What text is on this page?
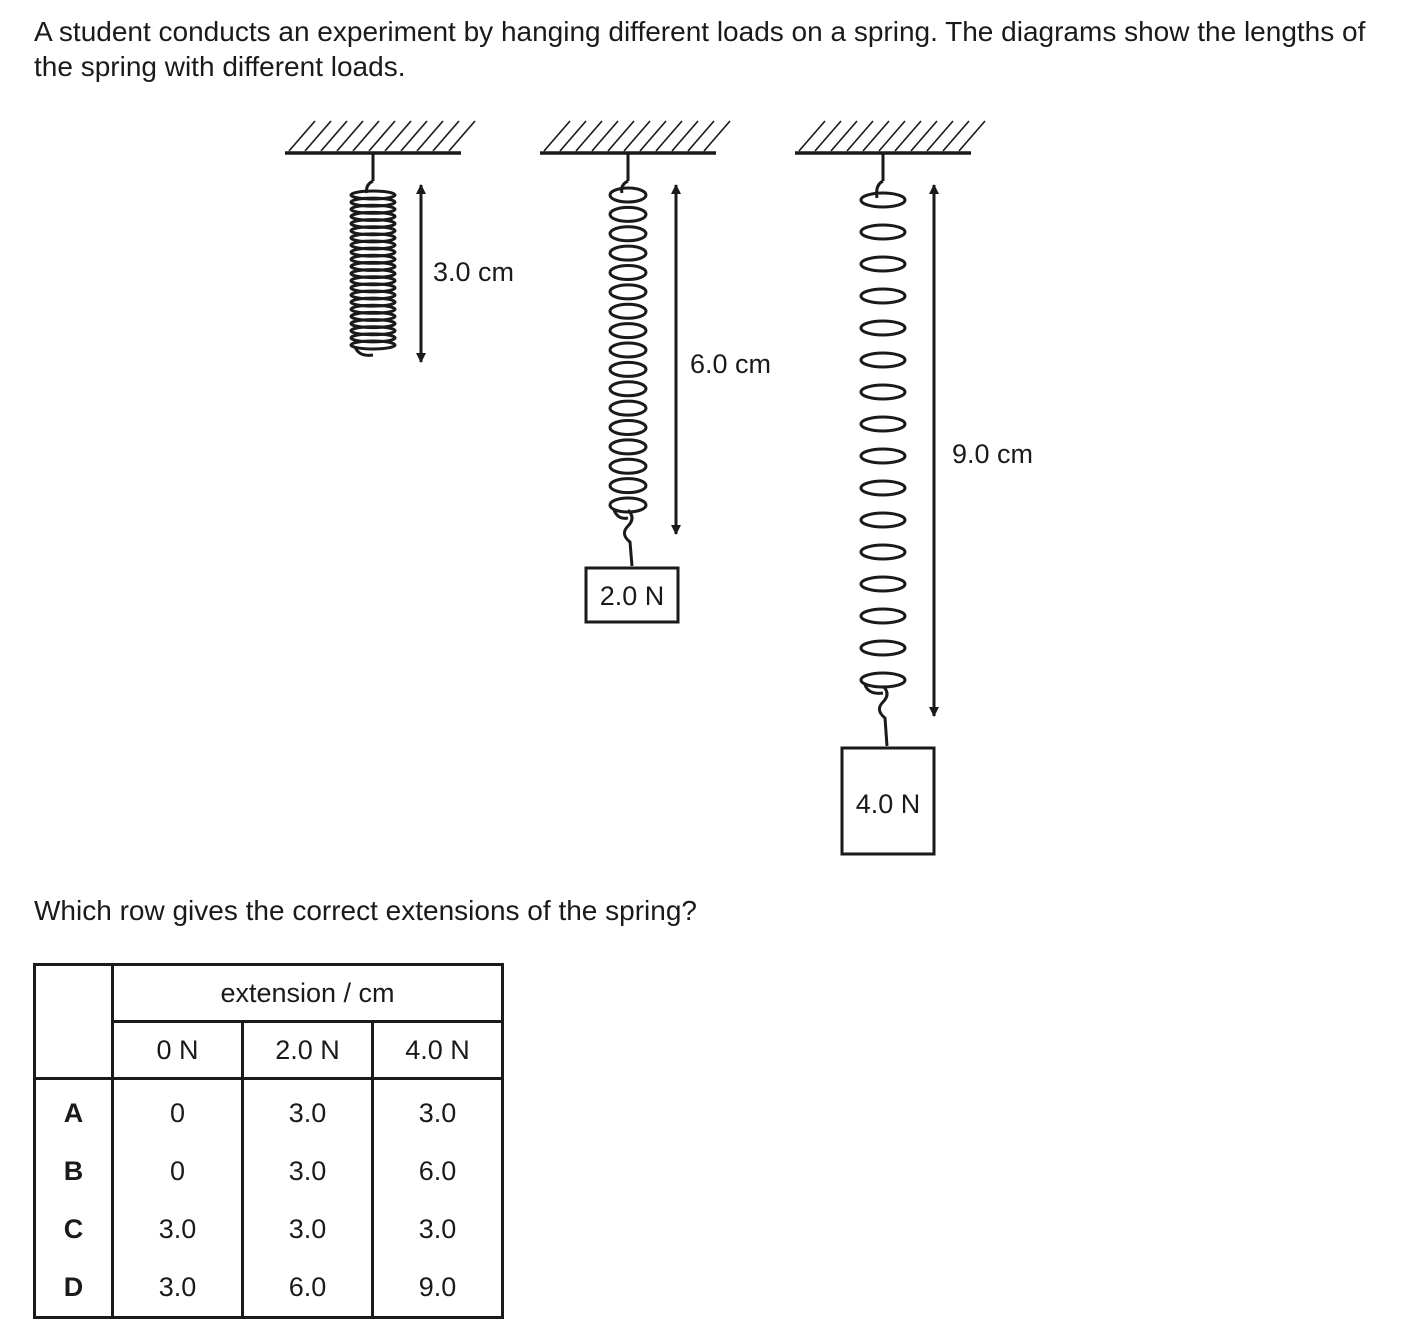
A student conducts an experiment by hanging different loads on a spring. The diagrams show the lengths of the spring with different loads.

3.0 cm
2.0 N
6.0 cm
4.0 N
9.0 cm

Which row gives the correct extensions of the spring?

	extension / cm		
	0 N	2.0 N	4.0 N
A	0	3.0	3.0
B	0	3.0	6.0
C	3.0	3.0	3.0
D	3.0	6.0	9.0
